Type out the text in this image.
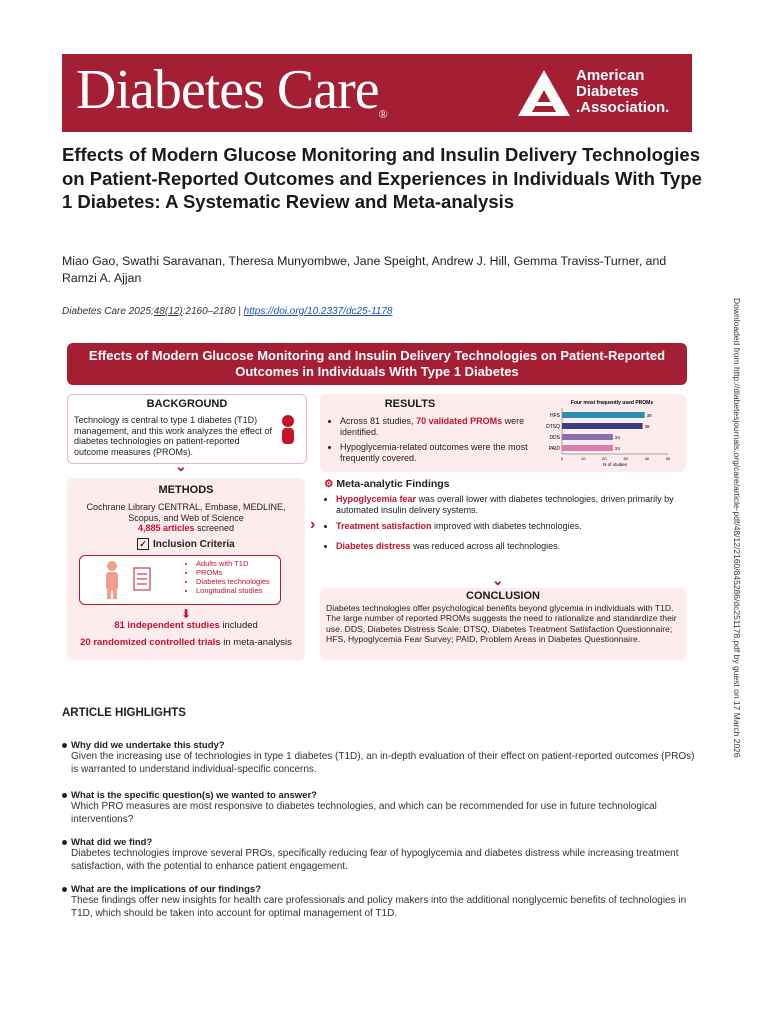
Diabetes Care®
American
Diabetes
.Association.
Effects of Modern Glucose Monitoring and Insulin Delivery Technologies on Patient-Reported Outcomes and Experiences in Individuals With Type 1 Diabetes: A Systematic Review and Meta-analysis
Miao Gao, Swathi Saravanan, Theresa Munyombwe, Jane Speight, Andrew J. Hill, Gemma Traviss-Turner, and Ramzi A. Ajjan
Diabetes Care 2025;48(12):2160–2180 | https://doi.org/10.2337/dc25-1178	Downloaded from http://diabetesjournals.org/care/article-pdf/48/12/2160/845286/dc251178.pdf by guest on 17 March 2026
Effects of Modern Glucose Monitoring and Insulin Delivery Technologies on Patient-Reported Outcomes in Individuals With Type 1 Diabetes
BACKGROUND
Technology is central to type 1 diabetes (T1D) management, and this work analyzes the effect of diabetes technologies on patient-reported outcome measures (PROMs).
⌄
METHODS
Cochrane Library CENTRAL, Embase, MEDLINE, Scopus, and Web of Science
4,885 articles screened
✓ Inclusion Criteria
• Adults with T1D
• PROMs
• Diabetes technologies
• Longitudinal studies
⬇
81 independent studies included
20 randomized controlled trials in meta-analysis
›
RESULTS
• Across 81 studies, 70 validated PROMs were identified.
• Hypoglycemia-related outcomes were the most frequently covered.
Four most frequently used PROMs
HFS	39
DTSQ	38
DDS	24
PAID	24
0	10	20	30	40	50
N of studies
⚙ Meta-analytic Findings
• Hypoglycemia fear was overall lower with diabetes technologies, driven primarily by automated insulin delivery systems.
• Treatment satisfaction improved with diabetes technologies.
• Diabetes distress was reduced across all technologies.
⌄
CONCLUSION
Diabetes technologies offer psychological benefits beyond glycemia in individuals with T1D. The large number of reported PROMs suggests the need to rationalize and standardize their use. DDS, Diabetes Distress Scale; DTSQ, Diabetes Treatment Satisfaction Questionnaire; HFS, Hypoglycemia Fear Survey; PAID, Problem Areas in Diabetes Questionnaire.
ARTICLE HIGHLIGHTS
Why did we undertake this study?
Given the increasing use of technologies in type 1 diabetes (T1D), an in-depth evaluation of their effect on patient-reported outcomes (PROs) is warranted to understand individual-specific concerns.
What is the specific question(s) we wanted to answer?
Which PRO measures are most responsive to diabetes technologies, and which can be recommended for use in future technological interventions?
What did we find?
Diabetes technologies improve several PROs, specifically reducing fear of hypoglycemia and diabetes distress while increasing treatment satisfaction, with the potential to enhance patient engagement.
What are the implications of our findings?
These findings offer new insights for health care professionals and policy makers into the additional nonglycemic benefits of technologies in T1D, which should be taken into account for optimal management of T1D.
